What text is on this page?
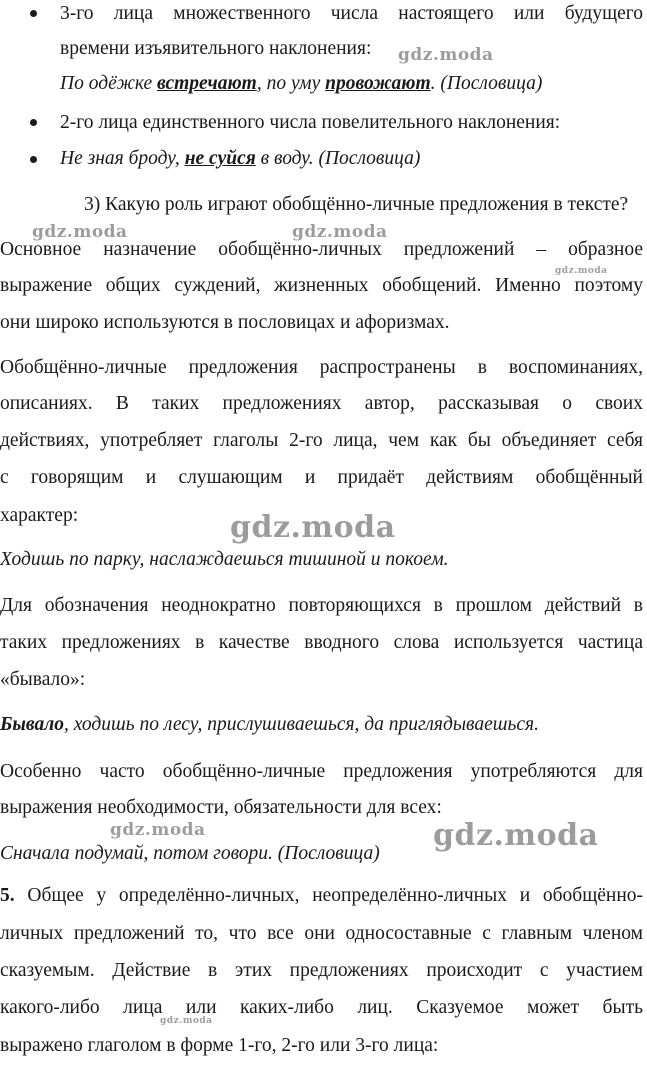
3-го лица множественного числа настоящего или будущего
времени изъявительного наклонения:
По одёжке встречают, по уму провожают. (Пословица)
2-го лица единственного числа повелительного наклонения:
Не зная броду, не суйся в воду. (Пословица)
3) Какую роль играют обобщённо-личные предложения в тексте?
Основное назначение обобщённо-личных предложений – образное
выражение общих суждений, жизненных обобщений. Именно поэтому
они широко используются в пословицах и афоризмах.
Обобщённо-личные предложения распространены в воспоминаниях,
описаниях. В таких предложениях автор, рассказывая о своих
действиях, употребляет глаголы 2-го лица, чем как бы объединяет себя
с говорящим и слушающим и придаёт действиям обобщённый
характер:
Ходишь по парку, наслаждаешься тишиной и покоем.
Для обозначения неоднократно повторяющихся в прошлом действий в
таких предложениях в качестве вводного слова используется частица
«бывало»:
Бывало, ходишь по лесу, прислушиваешься, да приглядываешься.
Особенно часто обобщённо-личные предложения употребляются для
выражения необходимости, обязательности для всех:
Сначала подумай, потом говори. (Пословица)
5. Общее у определённо-личных, неопределённо-личных и обобщённо-
личных предложений то, что все они односоставные с главным членом
сказуемым. Действие в этих предложениях происходит с участием
какого-либо лица или каких-либо лиц. Сказуемое может быть
выражено глаголом в форме 1-го, 2-го или 3-го лица:
gdz.moda
gdz.moda	gdz.moda
gdz.moda
gdz.moda
gdz.moda	gdz.moda
gdz.moda
